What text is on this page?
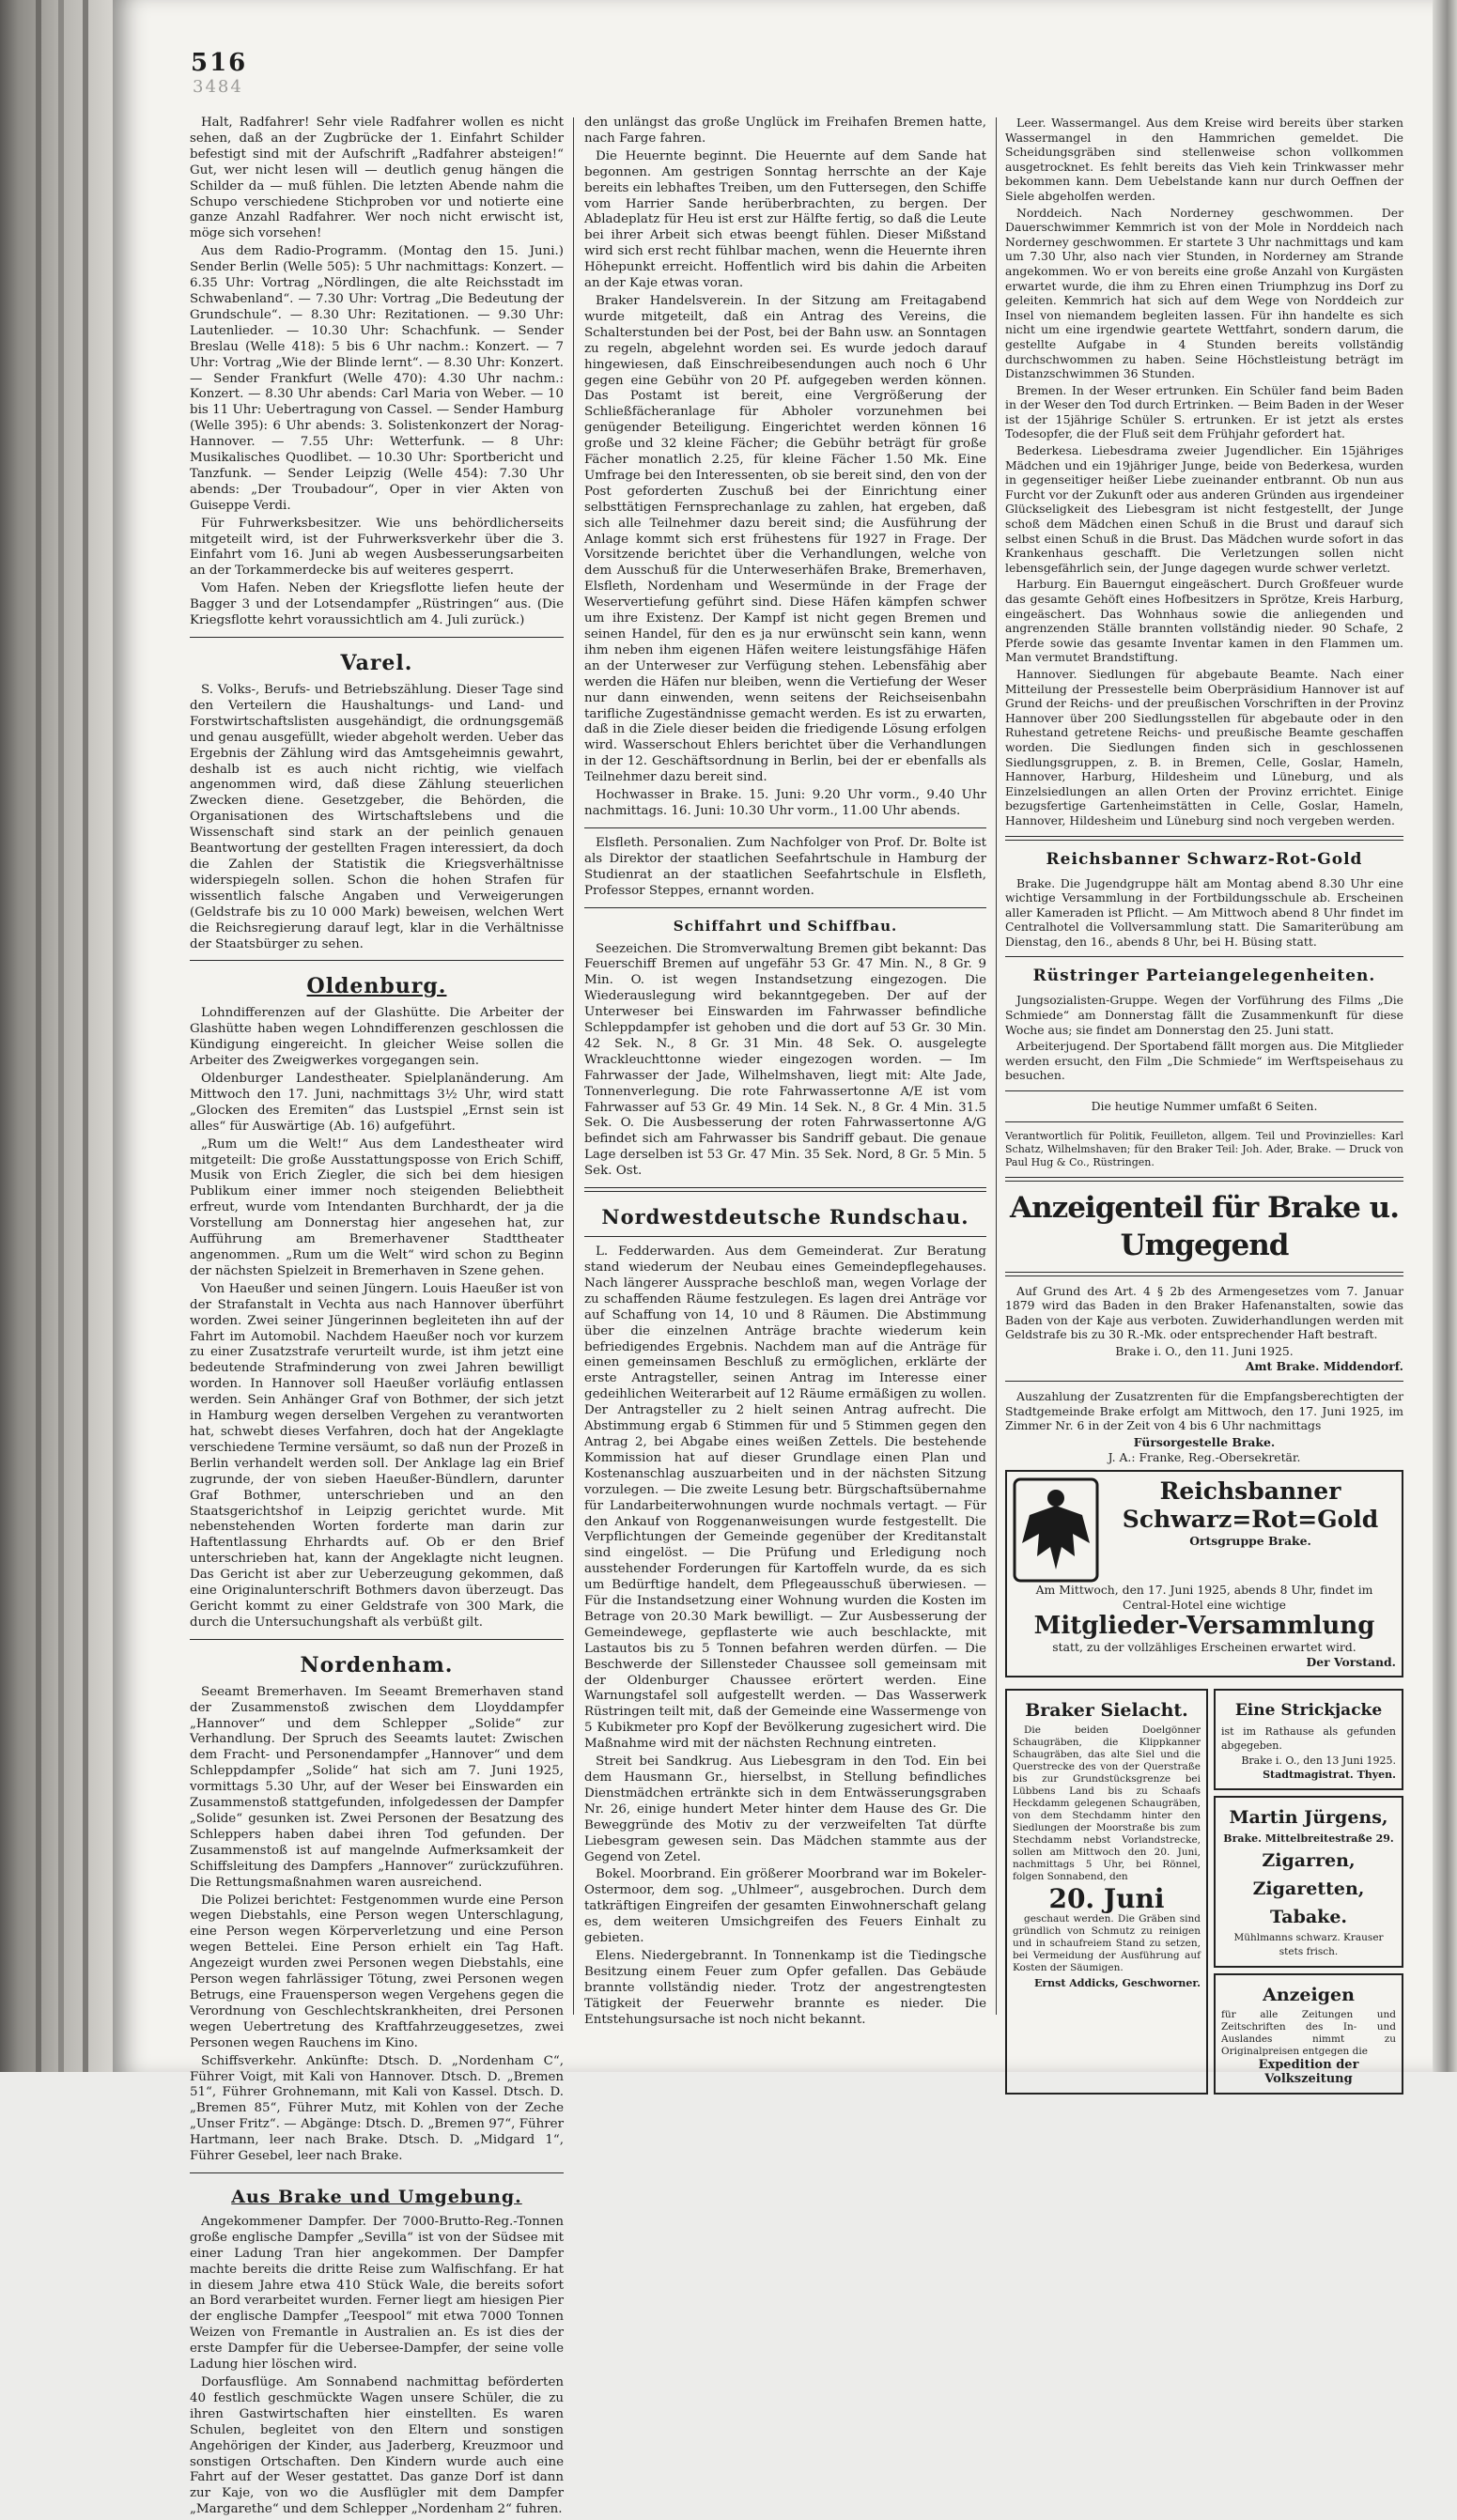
516
3484

Halt, Radfahrer! Sehr viele Radfahrer wollen es nicht sehen, daß an der Zugbrücke der 1. Einfahrt Schilder befestigt sind mit der Aufschrift „Radfahrer absteigen!“ Gut, wer nicht lesen will — deutlich genug hängen die Schilder da — muß fühlen. Die letzten Abende nahm die Schupo verschiedene Stichproben vor und notierte eine ganze Anzahl Radfahrer. Wer noch nicht erwischt ist, möge sich vorsehen!

Aus dem Radio-Programm. (Montag den 15. Juni.) Sender Berlin (Welle 505): 5 Uhr nachmittags: Konzert. — 6.35 Uhr: Vortrag „Nördlingen, die alte Reichsstadt im Schwabenland“. — 7.30 Uhr: Vortrag „Die Bedeutung der Grundschule“. — 8.30 Uhr: Rezitationen. — 9.30 Uhr: Lautenlieder. — 10.30 Uhr: Schachfunk. — Sender Breslau (Welle 418): 5 bis 6 Uhr nachm.: Konzert. — 7 Uhr: Vortrag „Wie der Blinde lernt“. — 8.30 Uhr: Konzert. — Sender Frankfurt (Welle 470): 4.30 Uhr nachm.: Konzert. — 8.30 Uhr abends: Carl Maria von Weber. — 10 bis 11 Uhr: Uebertragung von Cassel. — Sender Hamburg (Welle 395): 6 Uhr abends: 3. Solistenkonzert der Norag-Hannover. — 7.55 Uhr: Wetterfunk. — 8 Uhr: Musikalisches Quodlibet. — 10.30 Uhr: Sportbericht und Tanzfunk. — Sender Leipzig (Welle 454): 7.30 Uhr abends: „Der Troubadour“, Oper in vier Akten von Guiseppe Verdi.

Für Fuhrwerksbesitzer. Wie uns behördlicherseits mitgeteilt wird, ist der Fuhrwerksverkehr über die 3. Einfahrt vom 16. Juni ab wegen Ausbesserungsarbeiten an der Torkammerdecke bis auf weiteres gesperrt.

Vom Hafen. Neben der Kriegsflotte liefen heute der Bagger 3 und der Lotsendampfer „Rüstringen“ aus. (Die Kriegsflotte kehrt voraussichtlich am 4. Juli zurück.)

Varel.

S. Volks-, Berufs- und Betriebszählung. Dieser Tage sind den Verteilern die Haushaltungs- und Land- und Forstwirtschaftslisten ausgehändigt, die ordnungsgemäß und genau ausgefüllt, wieder abgeholt werden. Ueber das Ergebnis der Zählung wird das Amtsgeheimnis gewahrt, deshalb ist es auch nicht richtig, wie vielfach angenommen wird, daß diese Zählung steuerlichen Zwecken diene. Gesetzgeber, die Behörden, die Organisationen des Wirtschaftslebens und die Wissenschaft sind stark an der peinlich genauen Beantwortung der gestellten Fragen interessiert, da doch die Zahlen der Statistik die Kriegsverhältnisse widerspiegeln sollen. Schon die hohen Strafen für wissentlich falsche Angaben und Verweigerungen (Geldstrafe bis zu 10 000 Mark) beweisen, welchen Wert die Reichsregierung darauf legt, klar in die Verhältnisse der Staatsbürger zu sehen.

Oldenburg.

Lohndifferenzen auf der Glashütte. Die Arbeiter der Glashütte haben wegen Lohndifferenzen geschlossen die Kündigung eingereicht. In gleicher Weise sollen die Arbeiter des Zweigwerkes vorgegangen sein.

Oldenburger Landestheater. Spielplanänderung. Am Mittwoch den 17. Juni, nachmittags 3½ Uhr, wird statt „Glocken des Eremiten“ das Lustspiel „Ernst sein ist alles“ für Auswärtige (Ab. 16) aufgeführt.

„Rum um die Welt!“ Aus dem Landestheater wird mitgeteilt: Die große Ausstattungsposse von Erich Schiff, Musik von Erich Ziegler, die sich bei dem hiesigen Publikum einer immer noch steigenden Beliebtheit erfreut, wurde vom Intendanten Burchhardt, der ja die Vorstellung am Donnerstag hier angesehen hat, zur Aufführung am Bremerhavener Stadttheater angenommen. „Rum um die Welt“ wird schon zu Beginn der nächsten Spielzeit in Bremerhaven in Szene gehen.

Von Haeußer und seinen Jüngern. Louis Haeußer ist von der Strafanstalt in Vechta aus nach Hannover überführt worden. Zwei seiner Jüngerinnen begleiteten ihn auf der Fahrt im Automobil. Nachdem Haeußer noch vor kurzem zu einer Zusatzstrafe verurteilt wurde, ist ihm jetzt eine bedeutende Strafminderung von zwei Jahren bewilligt worden. In Hannover soll Haeußer vorläufig entlassen werden. Sein Anhänger Graf von Bothmer, der sich jetzt in Hamburg wegen derselben Vergehen zu verantworten hat, schwebt dieses Verfahren, doch hat der Angeklagte verschiedene Termine versäumt, so daß nun der Prozeß in Berlin verhandelt werden soll. Der Anklage lag ein Brief zugrunde, der von sieben Haeußer-Bündlern, darunter Graf Bothmer, unterschrieben und an den Staatsgerichtshof in Leipzig gerichtet wurde. Mit nebenstehenden Worten forderte man darin zur Haftentlassung Ehrhardts auf. Ob er den Brief unterschrieben hat, kann der Angeklagte nicht leugnen. Das Gericht ist aber zur Ueberzeugung gekommen, daß eine Originalunterschrift Bothmers davon überzeugt. Das Gericht kommt zu einer Geldstrafe von 300 Mark, die durch die Untersuchungshaft als verbüßt gilt.

Nordenham.

Seeamt Bremerhaven. Im Seeamt Bremerhaven stand der Zusammenstoß zwischen dem Lloyddampfer „Hannover“ und dem Schlepper „Solide“ zur Verhandlung. Der Spruch des Seeamts lautet: Zwischen dem Fracht- und Personendampfer „Hannover“ und dem Schleppdampfer „Solide“ hat sich am 7. Juni 1925, vormittags 5.30 Uhr, auf der Weser bei Einswarden ein Zusammenstoß stattgefunden, infolgedessen der Dampfer „Solide“ gesunken ist. Zwei Personen der Besatzung des Schleppers haben dabei ihren Tod gefunden. Der Zusammenstoß ist auf mangelnde Aufmerksamkeit der Schiffsleitung des Dampfers „Hannover“ zurückzuführen. Die Rettungsmaßnahmen waren ausreichend.

Die Polizei berichtet: Festgenommen wurde eine Person wegen Diebstahls, eine Person wegen Unterschlagung, eine Person wegen Körperverletzung und eine Person wegen Bettelei. Eine Person erhielt ein Tag Haft. Angezeigt wurden zwei Personen wegen Diebstahls, eine Person wegen fahrlässiger Tötung, zwei Personen wegen Betrugs, eine Frauensperson wegen Vergehens gegen die Verordnung von Geschlechtskrankheiten, drei Personen wegen Uebertretung des Kraftfahrzeuggesetzes, zwei Personen wegen Rauchens im Kino.

Schiffsverkehr. Ankünfte: Dtsch. D. „Nordenham C“, Führer Voigt, mit Kali von Hannover. Dtsch. D. „Bremen 51“, Führer Grohnemann, mit Kali von Kassel. Dtsch. D. „Bremen 85“, Führer Mutz, mit Kohlen von der Zeche „Unser Fritz“. — Abgänge: Dtsch. D. „Bremen 97“, Führer Hartmann, leer nach Brake. Dtsch. D. „Midgard 1“, Führer Gesebel, leer nach Brake.

Aus Brake und Umgebung.

Angekommener Dampfer. Der 7000-Brutto-Reg.-Tonnen große englische Dampfer „Sevilla“ ist von der Südsee mit einer Ladung Tran hier angekommen. Der Dampfer machte bereits die dritte Reise zum Walfischfang. Er hat in diesem Jahre etwa 410 Stück Wale, die bereits sofort an Bord verarbeitet wurden. Ferner liegt am hiesigen Pier der englische Dampfer „Teespool“ mit etwa 7000 Tonnen Weizen von Fremantle in Australien an. Es ist dies der erste Dampfer für die Uebersee-Dampfer, der seine volle Ladung hier löschen wird.

Dorfausflüge. Am Sonnabend nachmittag beförderten 40 festlich geschmückte Wagen unsere Schüler, die zu ihren Gastwirtschaften hier einstellten. Es waren Schulen, begleitet von den Eltern und sonstigen Angehörigen der Kinder, aus Jaderberg, Kreuzmoor und sonstigen Ortschaften. Den Kindern wurde auch eine Fahrt auf der Weser gestattet. Das ganze Dorf ist dann zur Kaje, von wo die Ausflügler mit dem Dampfer „Margarethe“ und dem Schlepper „Nordenham 2“ fuhren.

den unlängst das große Unglück im Freihafen Bremen hatte, nach Farge fahren.

Die Heuernte beginnt. Die Heuernte auf dem Sande hat begonnen. Am gestrigen Sonntag herrschte an der Kaje bereits ein lebhaftes Treiben, um den Futtersegen, den Schiffe vom Harrier Sande herüberbrachten, zu bergen. Der Abladeplatz für Heu ist erst zur Hälfte fertig, so daß die Leute bei ihrer Arbeit sich etwas beengt fühlen. Dieser Mißstand wird sich erst recht fühlbar machen, wenn die Heuernte ihren Höhepunkt erreicht. Hoffentlich wird bis dahin die Arbeiten an der Kaje etwas voran.

Braker Handelsverein. In der Sitzung am Freitagabend wurde mitgeteilt, daß ein Antrag des Vereins, die Schalterstunden bei der Post, bei der Bahn usw. an Sonntagen zu regeln, abgelehnt worden sei. Es wurde jedoch darauf hingewiesen, daß Einschreibesendungen auch noch 6 Uhr gegen eine Gebühr von 20 Pf. aufgegeben werden können. Das Postamt ist bereit, eine Vergrößerung der Schließfächeranlage für Abholer vorzunehmen bei genügender Beteiligung. Eingerichtet werden können 16 große und 32 kleine Fächer; die Gebühr beträgt für große Fächer monatlich 2.25, für kleine Fächer 1.50 Mk. Eine Umfrage bei den Interessenten, ob sie bereit sind, den von der Post geforderten Zuschuß bei der Einrichtung einer selbsttätigen Fernsprechanlage zu zahlen, hat ergeben, daß sich alle Teilnehmer dazu bereit sind; die Ausführung der Anlage kommt sich erst frühestens für 1927 in Frage. Der Vorsitzende berichtet über die Verhandlungen, welche von dem Ausschuß für die Unterweserhäfen Brake, Bremerhaven, Elsfleth, Nordenham und Wesermünde in der Frage der Weservertiefung geführt sind. Diese Häfen kämpfen schwer um ihre Existenz. Der Kampf ist nicht gegen Bremen und seinen Handel, für den es ja nur erwünscht sein kann, wenn ihm neben ihm eigenen Häfen weitere leistungsfähige Häfen an der Unterweser zur Verfügung stehen. Lebensfähig aber werden die Häfen nur bleiben, wenn die Vertiefung der Weser nur dann einwenden, wenn seitens der Reichseisenbahn tarifliche Zugeständnisse gemacht werden. Es ist zu erwarten, daß in die Ziele dieser beiden die friedigende Lösung erfolgen wird. Wasserschout Ehlers berichtet über die Verhandlungen in der 12. Geschäftsordnung in Berlin, bei der er ebenfalls als Teilnehmer dazu bereit sind.

Hochwasser in Brake. 15. Juni: 9.20 Uhr vorm., 9.40 Uhr nachmittags. 16. Juni: 10.30 Uhr vorm., 11.00 Uhr abends.

Elsfleth. Personalien. Zum Nachfolger von Prof. Dr. Bolte ist als Direktor der staatlichen Seefahrtschule in Hamburg der Studienrat an der staatlichen Seefahrtschule in Elsfleth, Professor Steppes, ernannt worden.

Schiffahrt und Schiffbau.

Seezeichen. Die Stromverwaltung Bremen gibt bekannt: Das Feuerschiff Bremen auf ungefähr 53 Gr. 47 Min. N., 8 Gr. 9 Min. O. ist wegen Instandsetzung eingezogen. Die Wiederauslegung wird bekanntgegeben. Der auf der Unterweser bei Einswarden im Fahrwasser befindliche Schleppdampfer ist gehoben und die dort auf 53 Gr. 30 Min. 42 Sek. N., 8 Gr. 31 Min. 48 Sek. O. ausgelegte Wrackleuchttonne wieder eingezogen worden. — Im Fahrwasser der Jade, Wilhelmshaven, liegt mit: Alte Jade, Tonnenverlegung. Die rote Fahrwassertonne A/E ist vom Fahrwasser auf 53 Gr. 49 Min. 14 Sek. N., 8 Gr. 4 Min. 31.5 Sek. O. Die Ausbesserung der roten Fahrwassertonne A/G befindet sich am Fahrwasser bis Sandriff gebaut. Die genaue Lage derselben ist 53 Gr. 47 Min. 35 Sek. Nord, 8 Gr. 5 Min. 5 Sek. Ost.

Nordwestdeutsche Rundschau.

L. Fedderwarden. Aus dem Gemeinderat. Zur Beratung stand wiederum der Neubau eines Gemeindepflegehauses. Nach längerer Aussprache beschloß man, wegen Vorlage der zu schaffenden Räume festzulegen. Es lagen drei Anträge vor auf Schaffung von 14, 10 und 8 Räumen. Die Abstimmung über die einzelnen Anträge brachte wiederum kein befriedigendes Ergebnis. Nachdem man auf die Anträge für einen gemeinsamen Beschluß zu ermöglichen, erklärte der erste Antragsteller, seinen Antrag im Interesse einer gedeihlichen Weiterarbeit auf 12 Räume ermäßigen zu wollen. Der Antragsteller zu 2 hielt seinen Antrag aufrecht. Die Abstimmung ergab 6 Stimmen für und 5 Stimmen gegen den Antrag 2, bei Abgabe eines weißen Zettels. Die bestehende Kommission hat auf dieser Grundlage einen Plan und Kostenanschlag auszuarbeiten und in der nächsten Sitzung vorzulegen. — Die zweite Lesung betr. Bürgschaftsübernahme für Landarbeiterwohnungen wurde nochmals vertagt. — Für den Ankauf von Roggenanweisungen wurde festgestellt. Die Verpflichtungen der Gemeinde gegenüber der Kreditanstalt sind eingelöst. — Die Prüfung und Erledigung noch ausstehender Forderungen für Kartoffeln wurde, da es sich um Bedürftige handelt, dem Pflegeausschuß überwiesen. — Für die Instandsetzung einer Wohnung wurden die Kosten im Betrage von 20.30 Mark bewilligt. — Zur Ausbesserung der Gemeindewege, gepflasterte wie auch beschlackte, mit Lastautos bis zu 5 Tonnen befahren werden dürfen. — Die Beschwerde der Sillensteder Chaussee soll gemeinsam mit der Oldenburger Chaussee erörtert werden. Eine Warnungstafel soll aufgestellt werden. — Das Wasserwerk Rüstringen teilt mit, daß der Gemeinde eine Wassermenge von 5 Kubikmeter pro Kopf der Bevölkerung zugesichert wird. Die Maßnahme wird mit der nächsten Rechnung eintreten.

Streit bei Sandkrug. Aus Liebesgram in den Tod. Ein bei dem Hausmann Gr., hierselbst, in Stellung befindliches Dienstmädchen ertränkte sich in dem Entwässerungsgraben Nr. 26, einige hundert Meter hinter dem Hause des Gr. Die Beweggründe des Motiv zu der verzweifelten Tat dürfte Liebesgram gewesen sein. Das Mädchen stammte aus der Gegend von Zetel.

Bokel. Moorbrand. Ein größerer Moorbrand war im Bokeler-Ostermoor, dem sog. „Uhlmeer“, ausgebrochen. Durch dem tatkräftigen Eingreifen der gesamten Einwohnerschaft gelang es, dem weiteren Umsichgreifen des Feuers Einhalt zu gebieten.

Elens. Niedergebrannt. In Tonnenkamp ist die Tiedingsche Besitzung einem Feuer zum Opfer gefallen. Das Gebäude brannte vollständig nieder. Trotz der angestrengtesten Tätigkeit der Feuerwehr brannte es nieder. Die Entstehungsursache ist noch nicht bekannt.

Leer. Wassermangel. Aus dem Kreise wird bereits über starken Wassermangel in den Hammrichen gemeldet. Die Scheidungsgräben sind stellenweise schon vollkommen ausgetrocknet. Es fehlt bereits das Vieh kein Trinkwasser mehr bekommen kann. Dem Uebelstande kann nur durch Oeffnen der Siele abgeholfen werden.

Norddeich. Nach Norderney geschwommen. Der Dauerschwimmer Kemmrich ist von der Mole in Norddeich nach Norderney geschwommen. Er startete 3 Uhr nachmittags und kam um 7.30 Uhr, also nach vier Stunden, in Norderney am Strande angekommen. Wo er von bereits eine große Anzahl von Kurgästen erwartet wurde, die ihm zu Ehren einen Triumphzug ins Dorf zu geleiten. Kemmrich hat sich auf dem Wege von Norddeich zur Insel von niemandem begleiten lassen. Für ihn handelte es sich nicht um eine irgendwie geartete Wettfahrt, sondern darum, die gestellte Aufgabe in 4 Stunden bereits vollständig durchschwommen zu haben. Seine Höchstleistung beträgt im Distanzschwimmen 36 Stunden.

Bremen. In der Weser ertrunken. Ein Schüler fand beim Baden in der Weser den Tod durch Ertrinken. — Beim Baden in der Weser ist der 15jährige Schüler S. ertrunken. Er ist jetzt als erstes Todesopfer, die der Fluß seit dem Frühjahr gefordert hat.

Bederkesa. Liebesdrama zweier Jugendlicher. Ein 15jähriges Mädchen und ein 19jähriger Junge, beide von Bederkesa, wurden in gegenseitiger heißer Liebe zueinander entbrannt. Ob nun aus Furcht vor der Zukunft oder aus anderen Gründen aus irgendeiner Glückseligkeit des Liebesgram ist nicht festgestellt, der Junge schoß dem Mädchen einen Schuß in die Brust und darauf sich selbst einen Schuß in die Brust. Das Mädchen wurde sofort in das Krankenhaus geschafft. Die Verletzungen sollen nicht lebensgefährlich sein, der Junge dagegen wurde schwer verletzt.

Harburg. Ein Bauerngut eingeäschert. Durch Großfeuer wurde das gesamte Gehöft eines Hofbesitzers in Sprötze, Kreis Harburg, eingeäschert. Das Wohnhaus sowie die anliegenden und angrenzenden Ställe brannten vollständig nieder. 90 Schafe, 2 Pferde sowie das gesamte Inventar kamen in den Flammen um. Man vermutet Brandstiftung.

Hannover. Siedlungen für abgebaute Beamte. Nach einer Mitteilung der Pressestelle beim Oberpräsidium Hannover ist auf Grund der Reichs- und der preußischen Vorschriften in der Provinz Hannover über 200 Siedlungsstellen für abgebaute oder in den Ruhestand getretene Reichs- und preußische Beamte geschaffen worden. Die Siedlungen finden sich in geschlossenen Siedlungsgruppen, z. B. in Bremen, Celle, Goslar, Hameln, Hannover, Harburg, Hildesheim und Lüneburg, und als Einzelsiedlungen an allen Orten der Provinz errichtet. Einige bezugsfertige Gartenheimstätten in Celle, Goslar, Hameln, Hannover, Hildesheim und Lüneburg sind noch vergeben werden.

Reichsbanner Schwarz-Rot-Gold

Brake. Die Jugendgruppe hält am Montag abend 8.30 Uhr eine wichtige Versammlung in der Fortbildungsschule ab. Erscheinen aller Kameraden ist Pflicht. — Am Mittwoch abend 8 Uhr findet im Centralhotel die Vollversammlung statt. Die Samariterübung am Dienstag, den 16., abends 8 Uhr, bei H. Büsing statt.

Rüstringer Parteiangelegenheiten.

Jungsozialisten-Gruppe. Wegen der Vorführung des Films „Die Schmiede“ am Donnerstag fällt die Zusammenkunft für diese Woche aus; sie findet am Donnerstag den 25. Juni statt.

Arbeiterjugend. Der Sportabend fällt morgen aus. Die Mitglieder werden ersucht, den Film „Die Schmiede“ im Werftspeisehaus zu besuchen.

Die heutige Nummer umfaßt 6 Seiten.

Verantwortlich für Politik, Feuilleton, allgem. Teil und Provinzielles: Karl Schatz, Wilhelmshaven; für den Braker Teil: Joh. Ader, Brake. — Druck von Paul Hug & Co., Rüstringen.

Anzeigenteil für Brake u. Umgegend

Auf Grund des Art. 4 § 2b des Armengesetzes vom 7. Januar 1879 wird das Baden in den Braker Hafenanstalten, sowie das Baden von der Kaje aus verboten. Zuwiderhandlungen werden mit Geldstrafe bis zu 30 R.-Mk. oder entsprechender Haft bestraft.

Brake i. O., den 11. Juni 1925.
Amt Brake. Middendorf.

Auszahlung der Zusatzrenten für die Empfangsberechtigten der Stadtgemeinde Brake erfolgt am Mittwoch, den 17. Juni 1925, im Zimmer Nr. 6 in der Zeit von 4 bis 6 Uhr nachmittags

Fürsorgestelle Brake.
J. A.: Franke, Reg.-Obersekretär.
Reichsbanner
Schwarz=Rot=Gold
Ortsgruppe Brake.
Am Mittwoch, den 17. Juni 1925, abends 8 Uhr, findet im Central-Hotel eine wichtige
Mitglieder-Versammlung
statt, zu der vollzähliges Erscheinen erwartet wird.
Der Vorstand.
Braker Sielacht.

Die beiden Doelgönner Schaugräben, die Klippkanner Schaugräben, das alte Siel und die Querstrecke des von der Querstraße bis zur Grundstücksgrenze bei Lübbens Land bis zu Schaafs Heckdamm gelegenen Schaugräben, von dem Stechdamm hinter den Siedlungen der Moorstraße bis zum Stechdamm nebst Vorlandstrecke, sollen am Mittwoch den 20. Juni, nachmittags 5 Uhr, bei Rönnel, folgen Sonnabend, den

20. Juni

geschaut werden. Die Gräben sind gründlich von Schmutz zu reinigen und in schaufreiem Stand zu setzen, bei Vermeidung der Ausführung auf Kosten der Säumigen.

Ernst Addicks, Geschworner.
Eine Strickjacke
ist im Rathause als gefunden abgegeben.
Brake i. O., den 13 Juni 1925.
Stadtmagistrat. Thyen.
Martin Jürgens,
Brake. Mittelbreitestraße 29.
Zigarren, Zigaretten,
Tabake.
Mühlmanns schwarz. Krauser stets frisch.
Anzeigen
für alle Zeitungen und Zeitschriften des In- und Auslandes nimmt zu Originalpreisen entgegen die
Expedition der Volkszeitung
